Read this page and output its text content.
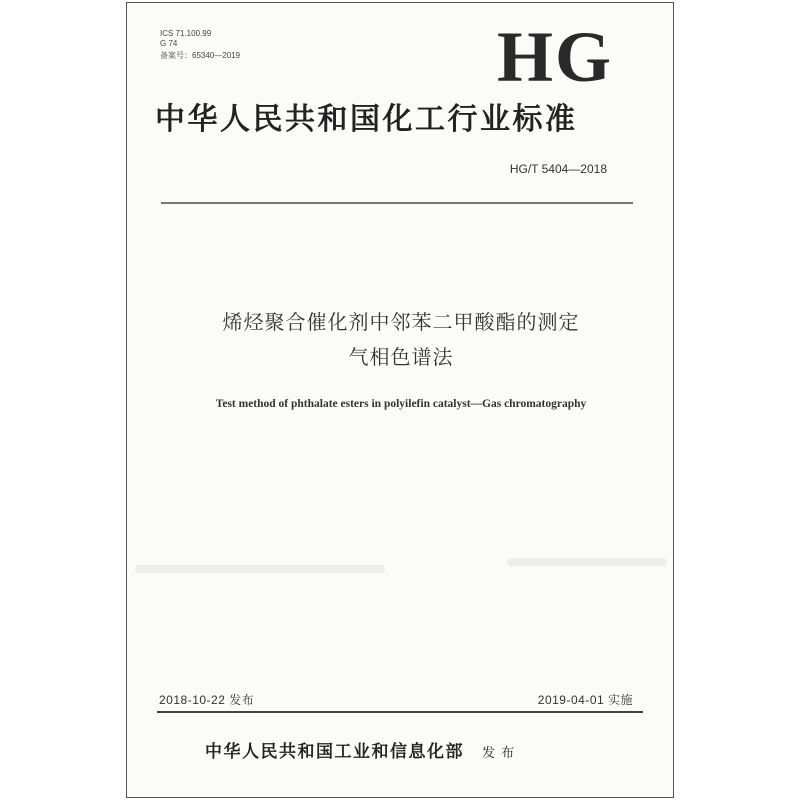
ICS 71.100.99
G 74
备案号：65340—2019	HG
中华人民共和国化工行业标准
HG/T 5404—2018
烯烃聚合催化剂中邻苯二甲酸酯的测定
气相色谱法
Test method of phthalate esters in polyilefin catalyst—Gas chromatography
2018-10-22 发布	2019-04-01 实施
中华人民共和国工业和信息化部 发 布
